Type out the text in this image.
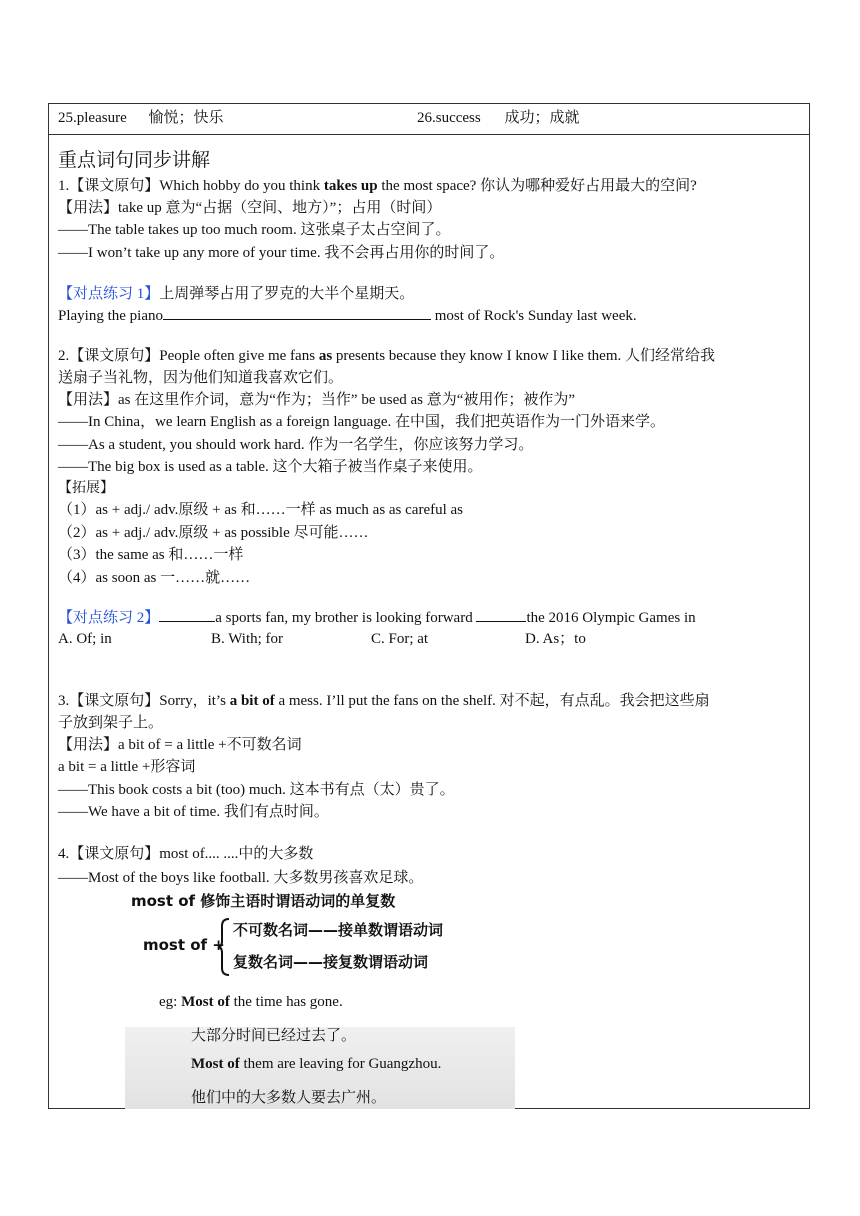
25.pleasure 愉悦；快乐	26.success 成功；成就
重点词句同步讲解
1.【课文原句】Which hobby do you think takes up the most space? 你认为哪种爱好占用最大的空间?
【用法】take up 意为“占据（空间、地方）”；占用（时间）
——The table takes up too much room. 这张桌子太占空间了。
——I won’t take up any more of your time. 我不会再占用你的时间了。
【对点练习 1】上周弹琴占用了罗克的大半个星期天。
Playing the piano	most of Rock's Sunday last week.
2.【课文原句】People often give me fans as presents because they know I know I like them. 人们经常给我
送扇子当礼物，因为他们知道我喜欢它们。
【用法】as 在这里作介词，意为“作为；当作” be used as 意为“被用作；被作为”
——In China，we learn English as a foreign language. 在中国，我们把英语作为一门外语来学。
——As a student, you should work hard. 作为一名学生，你应该努力学习。
——The big box is used as a table. 这个大箱子被当作桌子来使用。
【拓展】
（1）as + adj./ adv.原级 + as 和……一样 as much as as careful as
（2）as + adj./ adv.原级 + as possible 尽可能……
（3）the same as 和……一样
（4）as soon as 一……就……
【对点练习 2】	a sports fan, my brother is looking forward	the 2016 Olympic Games in
A. Of; in	B. With; for	C. For; at	D. As；to
3.【课文原句】Sorry，it’s a bit of a mess. I’ll put the fans on the shelf. 对不起，有点乱。我会把这些扇
子放到架子上。
【用法】a bit of = a little +不可数名词
a bit = a little +形容词
——This book costs a bit (too) much. 这本书有点（太）贵了。
——We have a bit of time. 我们有点时间。
4.【课文原句】most of.... ....中的大多数
——Most of the boys like football. 大多数男孩喜欢足球。
most of 修饰主语时谓语动词的单复数
most of +
不可数名词——接单数谓语动词
复数名词——接复数谓语动词
eg: Most of the time has gone.
大部分时间已经过去了。
Most of them are leaving for Guangzhou.
他们中的大多数人要去广州。
